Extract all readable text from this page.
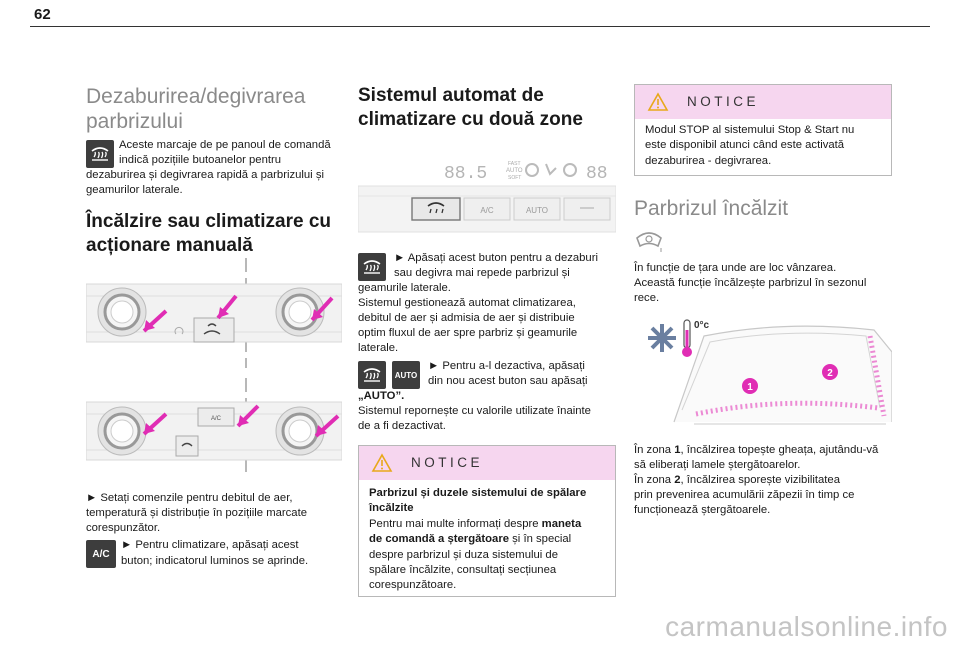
62
Dezaburirea/degivrarea parbrizului

Aceste marcaje de pe panoul de comandă

indică pozițiile butoanelor pentru

dezaburirea și degivrarea rapidă a parbrizului și

geamurilor laterale.

Încălzire sau climatizare cu
acționare manuală
A/C

► Setați comenzile pentru debitul de aer,

temperatură și distribuție în pozițiile marcate

corespunzător.

A/C

► Pentru climatizare, apăsați acest

buton; indicatorul luminos se aprinde.

Sistemul automat de
climatizare cu două zone
88.5	FAST
AUTO
SOFT	88
A/C	AUTO

► Apăsați acest buton pentru a dezaburi

sau degivra mai repede parbrizul și

geamurile laterale.

Sistemul gestionează automat climatizarea,

debitul de aer și admisia de aer și distribuie

optim fluxul de aer spre parbriz și geamurile

laterale.

AUTO

► Pentru a-l dezactiva, apăsați

din nou acest buton sau apăsați

„AUTO”.

Sistemul repornește cu valorile utilizate înainte

de a fi dezactivat.

NOTICE
Parbrizul și duzele sistemului de spălare
încălzite
Pentru mai multe informați despre maneta
de comandă a ștergătoare și în special
despre parbrizul și duza sistemului de
spălare încălzite, consultați secțiunea
corespunzătoare.
NOTICE
Modul STOP al sistemului Stop & Start nu
este disponibil atunci când este activată
dezaburirea - degivrarea.
Parbrizul încălzit

În funcție de țara unde are loc vânzarea.

Această funcție încălzește parbrizul în sezonul

rece.

0°c
1
2

În zona 1, încălzirea topește gheața, ajutându-vă

să eliberați lamele ștergătoarelor.

În zona 2, încălzirea sporește vizibilitatea

prin prevenirea acumulării zăpezii în timp ce

funcționează ștergătoarele.

carmanualsonline.info
